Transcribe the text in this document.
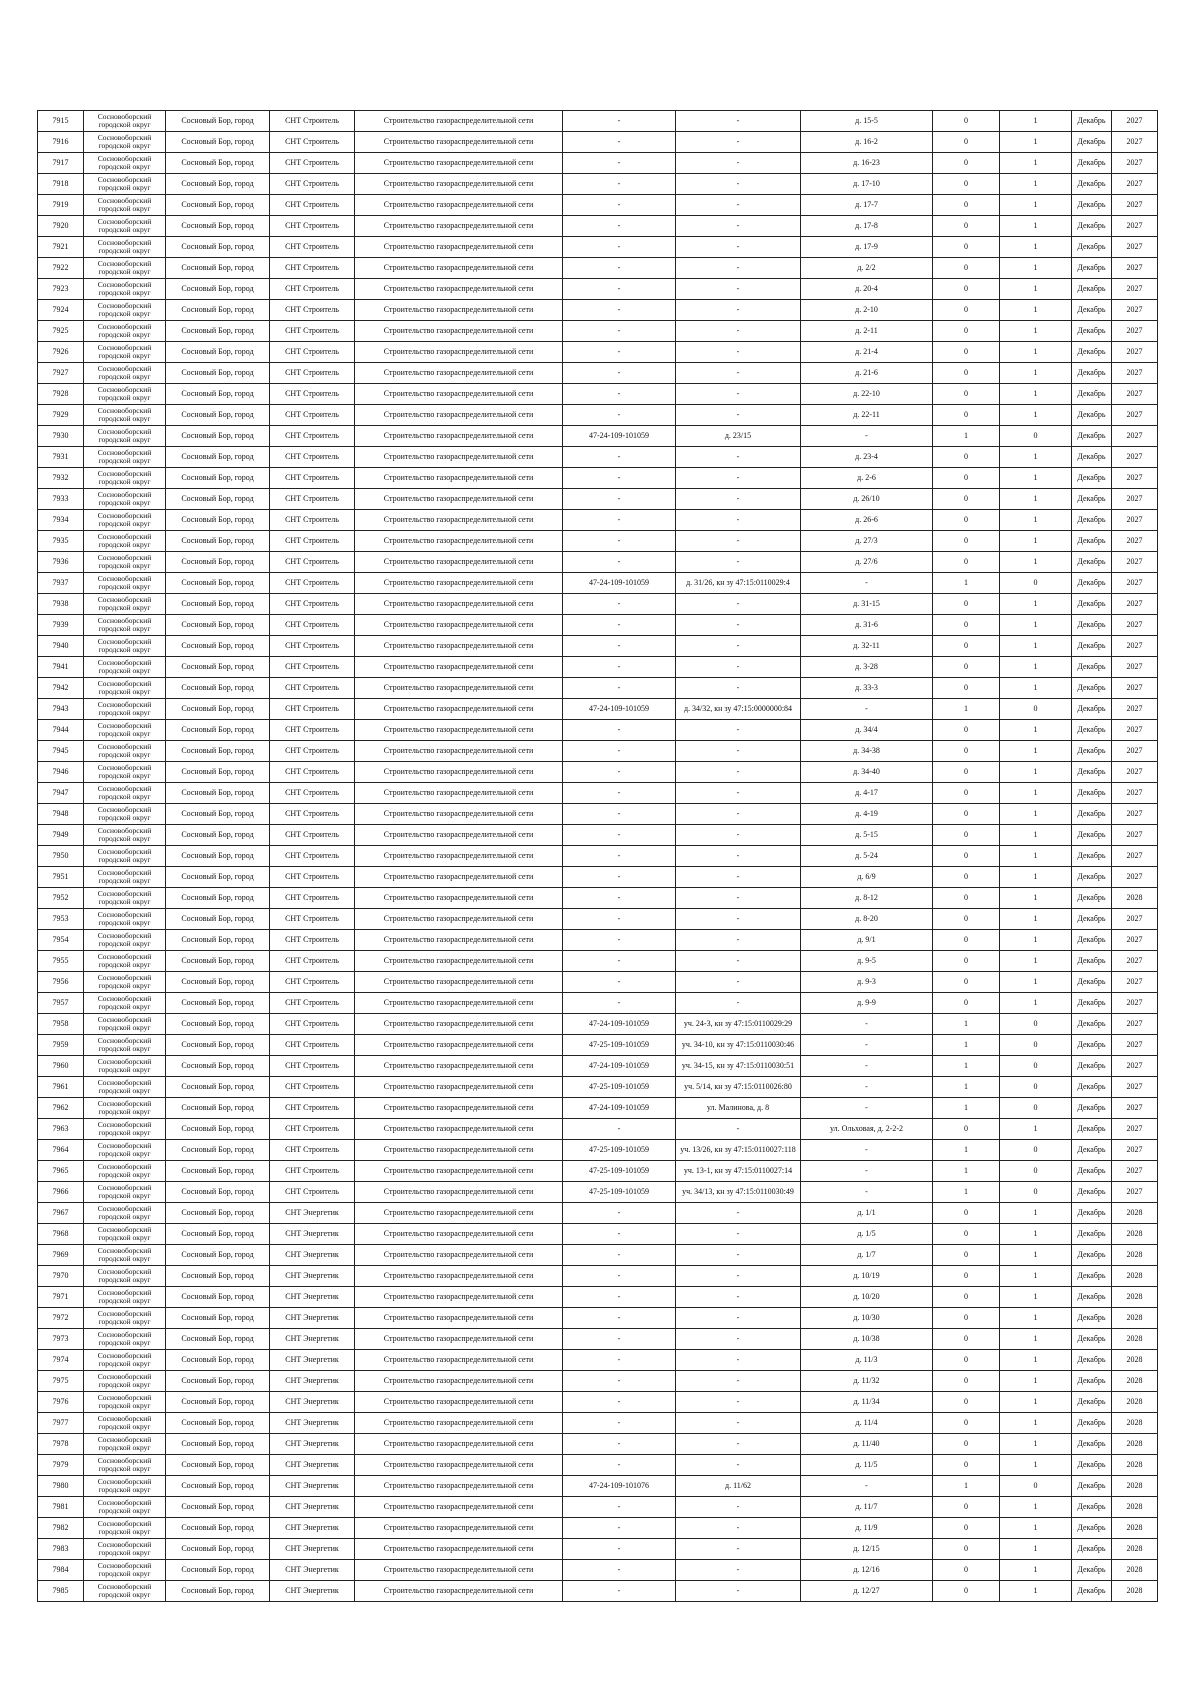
7915	Сосновоборский городской округ	Сосновый Бор, город	СНТ Строитель	Строительство газораспределительной сети	-	-	д. 15-5	0	1	Декабрь	2027
7916	Сосновоборский городской округ	Сосновый Бор, город	СНТ Строитель	Строительство газораспределительной сети	-	-	д. 16-2	0	1	Декабрь	2027
7917	Сосновоборский городской округ	Сосновый Бор, город	СНТ Строитель	Строительство газораспределительной сети	-	-	д. 16-23	0	1	Декабрь	2027
7918	Сосновоборский городской округ	Сосновый Бор, город	СНТ Строитель	Строительство газораспределительной сети	-	-	д. 17-10	0	1	Декабрь	2027
7919	Сосновоборский городской округ	Сосновый Бор, город	СНТ Строитель	Строительство газораспределительной сети	-	-	д. 17-7	0	1	Декабрь	2027
7920	Сосновоборский городской округ	Сосновый Бор, город	СНТ Строитель	Строительство газораспределительной сети	-	-	д. 17-8	0	1	Декабрь	2027
7921	Сосновоборский городской округ	Сосновый Бор, город	СНТ Строитель	Строительство газораспределительной сети	-	-	д. 17-9	0	1	Декабрь	2027
7922	Сосновоборский городской округ	Сосновый Бор, город	СНТ Строитель	Строительство газораспределительной сети	-	-	д. 2/2	0	1	Декабрь	2027
7923	Сосновоборский городской округ	Сосновый Бор, город	СНТ Строитель	Строительство газораспределительной сети	-	-	д. 20-4	0	1	Декабрь	2027
7924	Сосновоборский городской округ	Сосновый Бор, город	СНТ Строитель	Строительство газораспределительной сети	-	-	д. 2-10	0	1	Декабрь	2027
7925	Сосновоборский городской округ	Сосновый Бор, город	СНТ Строитель	Строительство газораспределительной сети	-	-	д. 2-11	0	1	Декабрь	2027
7926	Сосновоборский городской округ	Сосновый Бор, город	СНТ Строитель	Строительство газораспределительной сети	-	-	д. 21-4	0	1	Декабрь	2027
7927	Сосновоборский городской округ	Сосновый Бор, город	СНТ Строитель	Строительство газораспределительной сети	-	-	д. 21-6	0	1	Декабрь	2027
7928	Сосновоборский городской округ	Сосновый Бор, город	СНТ Строитель	Строительство газораспределительной сети	-	-	д. 22-10	0	1	Декабрь	2027
7929	Сосновоборский городской округ	Сосновый Бор, город	СНТ Строитель	Строительство газораспределительной сети	-	-	д. 22-11	0	1	Декабрь	2027
7930	Сосновоборский городской округ	Сосновый Бор, город	СНТ Строитель	Строительство газораспределительной сети	47-24-109-101059	д. 23/15	-	1	0	Декабрь	2027
7931	Сосновоборский городской округ	Сосновый Бор, город	СНТ Строитель	Строительство газораспределительной сети	-	-	д. 23-4	0	1	Декабрь	2027
7932	Сосновоборский городской округ	Сосновый Бор, город	СНТ Строитель	Строительство газораспределительной сети	-	-	д. 2-6	0	1	Декабрь	2027
7933	Сосновоборский городской округ	Сосновый Бор, город	СНТ Строитель	Строительство газораспределительной сети	-	-	д. 26/10	0	1	Декабрь	2027
7934	Сосновоборский городской округ	Сосновый Бор, город	СНТ Строитель	Строительство газораспределительной сети	-	-	д. 26-6	0	1	Декабрь	2027
7935	Сосновоборский городской округ	Сосновый Бор, город	СНТ Строитель	Строительство газораспределительной сети	-	-	д. 27/3	0	1	Декабрь	2027
7936	Сосновоборский городской округ	Сосновый Бор, город	СНТ Строитель	Строительство газораспределительной сети	-	-	д. 27/6	0	1	Декабрь	2027
7937	Сосновоборский городской округ	Сосновый Бор, город	СНТ Строитель	Строительство газораспределительной сети	47-24-109-101059	д. 31/26, кн зу 47:15:0110029:4	-	1	0	Декабрь	2027
7938	Сосновоборский городской округ	Сосновый Бор, город	СНТ Строитель	Строительство газораспределительной сети	-	-	д. 31-15	0	1	Декабрь	2027
7939	Сосновоборский городской округ	Сосновый Бор, город	СНТ Строитель	Строительство газораспределительной сети	-	-	д. 31-6	0	1	Декабрь	2027
7940	Сосновоборский городской округ	Сосновый Бор, город	СНТ Строитель	Строительство газораспределительной сети	-	-	д. 32-11	0	1	Декабрь	2027
7941	Сосновоборский городской округ	Сосновый Бор, город	СНТ Строитель	Строительство газораспределительной сети	-	-	д. 3-28	0	1	Декабрь	2027
7942	Сосновоборский городской округ	Сосновый Бор, город	СНТ Строитель	Строительство газораспределительной сети	-	-	д. 33-3	0	1	Декабрь	2027
7943	Сосновоборский городской округ	Сосновый Бор, город	СНТ Строитель	Строительство газораспределительной сети	47-24-109-101059	д. 34/32, кн зу 47:15:0000000:84	-	1	0	Декабрь	2027
7944	Сосновоборский городской округ	Сосновый Бор, город	СНТ Строитель	Строительство газораспределительной сети	-	-	д. 34/4	0	1	Декабрь	2027
7945	Сосновоборский городской округ	Сосновый Бор, город	СНТ Строитель	Строительство газораспределительной сети	-	-	д. 34-38	0	1	Декабрь	2027
7946	Сосновоборский городской округ	Сосновый Бор, город	СНТ Строитель	Строительство газораспределительной сети	-	-	д. 34-40	0	1	Декабрь	2027
7947	Сосновоборский городской округ	Сосновый Бор, город	СНТ Строитель	Строительство газораспределительной сети	-	-	д. 4-17	0	1	Декабрь	2027
7948	Сосновоборский городской округ	Сосновый Бор, город	СНТ Строитель	Строительство газораспределительной сети	-	-	д. 4-19	0	1	Декабрь	2027
7949	Сосновоборский городской округ	Сосновый Бор, город	СНТ Строитель	Строительство газораспределительной сети	-	-	д. 5-15	0	1	Декабрь	2027
7950	Сосновоборский городской округ	Сосновый Бор, город	СНТ Строитель	Строительство газораспределительной сети	-	-	д. 5-24	0	1	Декабрь	2027
7951	Сосновоборский городской округ	Сосновый Бор, город	СНТ Строитель	Строительство газораспределительной сети	-	-	д. 6/9	0	1	Декабрь	2027
7952	Сосновоборский городской округ	Сосновый Бор, город	СНТ Строитель	Строительство газораспределительной сети	-	-	д. 8-12	0	1	Декабрь	2028
7953	Сосновоборский городской округ	Сосновый Бор, город	СНТ Строитель	Строительство газораспределительной сети	-	-	д. 8-20	0	1	Декабрь	2027
7954	Сосновоборский городской округ	Сосновый Бор, город	СНТ Строитель	Строительство газораспределительной сети	-	-	д. 9/1	0	1	Декабрь	2027
7955	Сосновоборский городской округ	Сосновый Бор, город	СНТ Строитель	Строительство газораспределительной сети	-	-	д. 9-5	0	1	Декабрь	2027
7956	Сосновоборский городской округ	Сосновый Бор, город	СНТ Строитель	Строительство газораспределительной сети	-	-	д. 9-3	0	1	Декабрь	2027
7957	Сосновоборский городской округ	Сосновый Бор, город	СНТ Строитель	Строительство газораспределительной сети	-	-	д. 9-9	0	1	Декабрь	2027
7958	Сосновоборский городской округ	Сосновый Бор, город	СНТ Строитель	Строительство газораспределительной сети	47-24-109-101059	уч. 24-3, кн зу 47:15:0110029:29	-	1	0	Декабрь	2027
7959	Сосновоборский городской округ	Сосновый Бор, город	СНТ Строитель	Строительство газораспределительной сети	47-25-109-101059	уч. 34-10, кн зу 47:15:0110030:46	-	1	0	Декабрь	2027
7960	Сосновоборский городской округ	Сосновый Бор, город	СНТ Строитель	Строительство газораспределительной сети	47-24-109-101059	уч. 34-15, кн зу 47:15:0110030:51	-	1	0	Декабрь	2027
7961	Сосновоборский городской округ	Сосновый Бор, город	СНТ Строитель	Строительство газораспределительной сети	47-25-109-101059	уч. 5/14, кн зу 47:15:0110026:80	-	1	0	Декабрь	2027
7962	Сосновоборский городской округ	Сосновый Бор, город	СНТ Строитель	Строительство газораспределительной сети	47-24-109-101059	ул. Малинова, д. 8	-	1	0	Декабрь	2027
7963	Сосновоборский городской округ	Сосновый Бор, город	СНТ Строитель	Строительство газораспределительной сети	-	-	ул. Ольховая, д. 2-2-2	0	1	Декабрь	2027
7964	Сосновоборский городской округ	Сосновый Бор, город	СНТ Строитель	Строительство газораспределительной сети	47-25-109-101059	уч. 13/26, кн зу 47:15:0110027:118	-	1	0	Декабрь	2027
7965	Сосновоборский городской округ	Сосновый Бор, город	СНТ Строитель	Строительство газораспределительной сети	47-25-109-101059	уч. 13-1, кн зу 47:15:0110027:14	-	1	0	Декабрь	2027
7966	Сосновоборский городской округ	Сосновый Бор, город	СНТ Строитель	Строительство газораспределительной сети	47-25-109-101059	уч. 34/13, кн зу 47:15:0110030:49	-	1	0	Декабрь	2027
7967	Сосновоборский городской округ	Сосновый Бор, город	СНТ Энергетик	Строительство газораспределительной сети	-	-	д. 1/1	0	1	Декабрь	2028
7968	Сосновоборский городской округ	Сосновый Бор, город	СНТ Энергетик	Строительство газораспределительной сети	-	-	д. 1/5	0	1	Декабрь	2028
7969	Сосновоборский городской округ	Сосновый Бор, город	СНТ Энергетик	Строительство газораспределительной сети	-	-	д. 1/7	0	1	Декабрь	2028
7970	Сосновоборский городской округ	Сосновый Бор, город	СНТ Энергетик	Строительство газораспределительной сети	-	-	д. 10/19	0	1	Декабрь	2028
7971	Сосновоборский городской округ	Сосновый Бор, город	СНТ Энергетик	Строительство газораспределительной сети	-	-	д. 10/20	0	1	Декабрь	2028
7972	Сосновоборский городской округ	Сосновый Бор, город	СНТ Энергетик	Строительство газораспределительной сети	-	-	д. 10/30	0	1	Декабрь	2028
7973	Сосновоборский городской округ	Сосновый Бор, город	СНТ Энергетик	Строительство газораспределительной сети	-	-	д. 10/38	0	1	Декабрь	2028
7974	Сосновоборский городской округ	Сосновый Бор, город	СНТ Энергетик	Строительство газораспределительной сети	-	-	д. 11/3	0	1	Декабрь	2028
7975	Сосновоборский городской округ	Сосновый Бор, город	СНТ Энергетик	Строительство газораспределительной сети	-	-	д. 11/32	0	1	Декабрь	2028
7976	Сосновоборский городской округ	Сосновый Бор, город	СНТ Энергетик	Строительство газораспределительной сети	-	-	д. 11/34	0	1	Декабрь	2028
7977	Сосновоборский городской округ	Сосновый Бор, город	СНТ Энергетик	Строительство газораспределительной сети	-	-	д. 11/4	0	1	Декабрь	2028
7978	Сосновоборский городской округ	Сосновый Бор, город	СНТ Энергетик	Строительство газораспределительной сети	-	-	д. 11/40	0	1	Декабрь	2028
7979	Сосновоборский городской округ	Сосновый Бор, город	СНТ Энергетик	Строительство газораспределительной сети	-	-	д. 11/5	0	1	Декабрь	2028
7980	Сосновоборский городской округ	Сосновый Бор, город	СНТ Энергетик	Строительство газораспределительной сети	47-24-109-101076	д. 11/62	-	1	0	Декабрь	2028
7981	Сосновоборский городской округ	Сосновый Бор, город	СНТ Энергетик	Строительство газораспределительной сети	-	-	д. 11/7	0	1	Декабрь	2028
7982	Сосновоборский городской округ	Сосновый Бор, город	СНТ Энергетик	Строительство газораспределительной сети	-	-	д. 11/9	0	1	Декабрь	2028
7983	Сосновоборский городской округ	Сосновый Бор, город	СНТ Энергетик	Строительство газораспределительной сети	-	-	д. 12/15	0	1	Декабрь	2028
7984	Сосновоборский городской округ	Сосновый Бор, город	СНТ Энергетик	Строительство газораспределительной сети	-	-	д. 12/16	0	1	Декабрь	2028
7985	Сосновоборский городской округ	Сосновый Бор, город	СНТ Энергетик	Строительство газораспределительной сети	-	-	д. 12/27	0	1	Декабрь	2028
